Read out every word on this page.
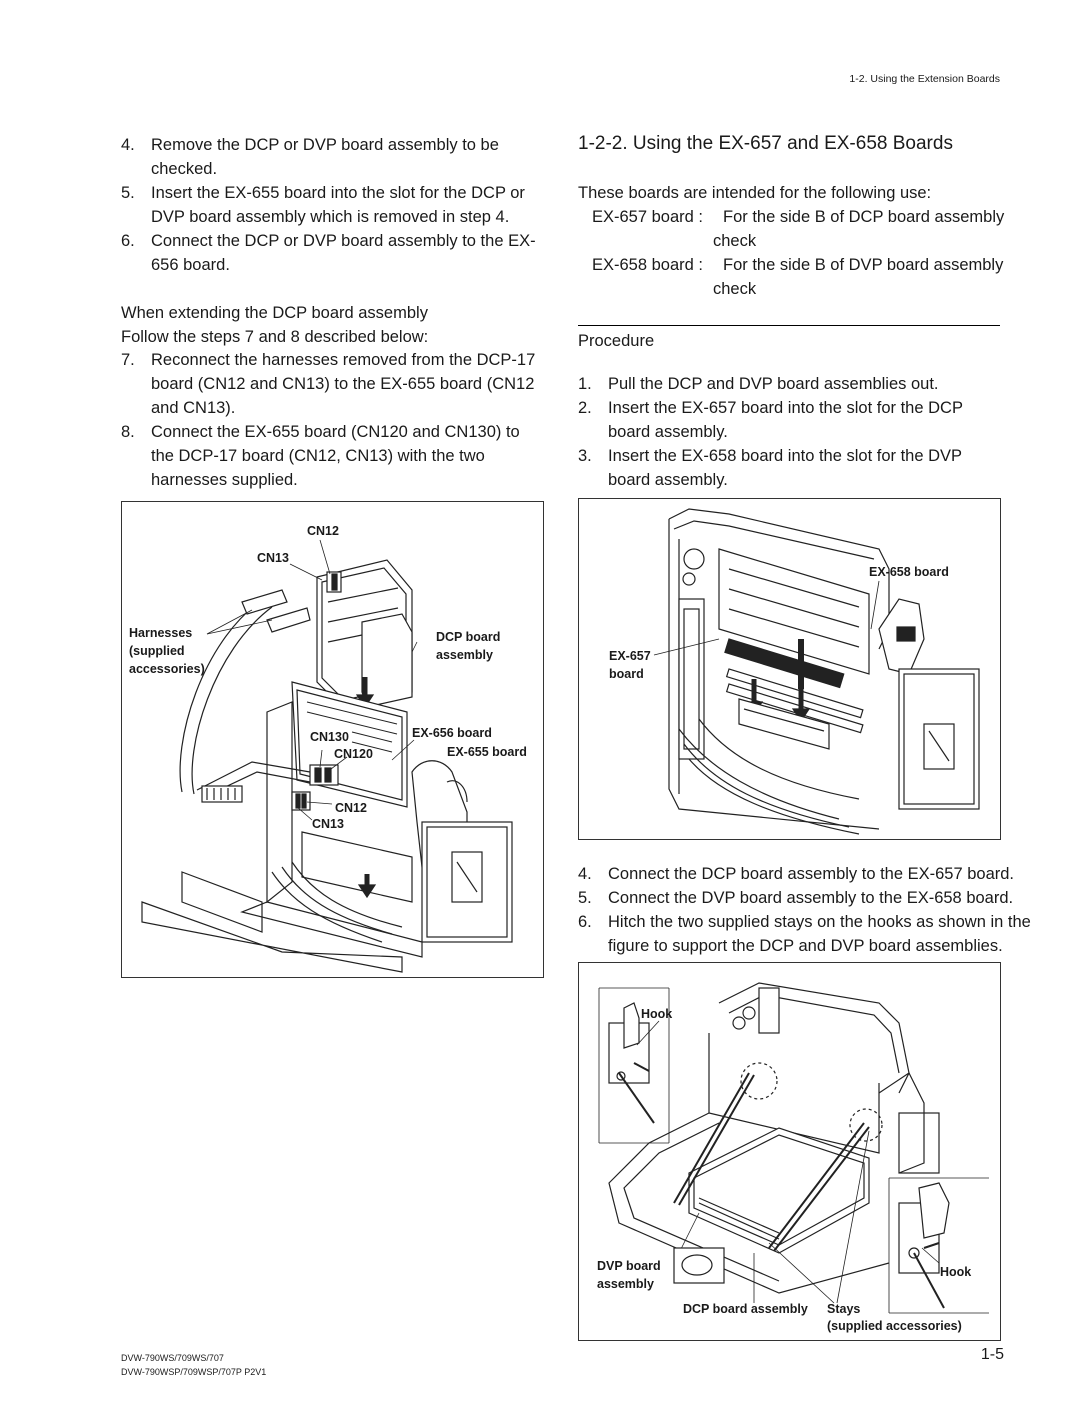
1-2. Using the Extension Boards
4. Remove the DCP or DVP board assembly to be
checked.
5. Insert the EX-655 board into the slot for the DCP or
DVP board assembly which is removed in step 4.
6. Connect the DCP or DVP board assembly to the EX-
656 board.
When extending the DCP board assembly
Follow the steps 7 and 8 described below:
7. Reconnect the harnesses removed from the DCP-17
board (CN12 and CN13) to the EX-655 board (CN12
and CN13).
8. Connect the EX-655 board (CN120 and CN130) to
the DCP-17 board (CN12, CN13) with the two
harnesses supplied.
CN12
CN13
Harnesses
(supplied
accessories)
DCP board
assembly
EX-656 board
CN130
CN120	EX-655 board
CN12
CN13
1-2-2. Using the EX-657 and EX-658 Boards
These boards are intended for the following use:
EX-657 board : For the side B of DCP board assembly
check
EX-658 board : For the side B of DVP board assembly
check
Procedure
1. Pull the DCP and DVP board assemblies out.
2. Insert the EX-657 board into the slot for the DCP
board assembly.
3. Insert the EX-658 board into the slot for the DVP
board assembly.
EX-658 board
EX-657
board
4. Connect the DCP board assembly to the EX-657 board.
5. Connect the DVP board assembly to the EX-658 board.
6. Hitch the two supplied stays on the hooks as shown in the
figure to support the DCP and DVP board assemblies.
Hook
Hook
DVP board
assembly
DCP board assembly Stays
(supplied accessories)
DVW-790WS/709WS/707
DVW-790WSP/709WSP/707P P2V1
1-5
